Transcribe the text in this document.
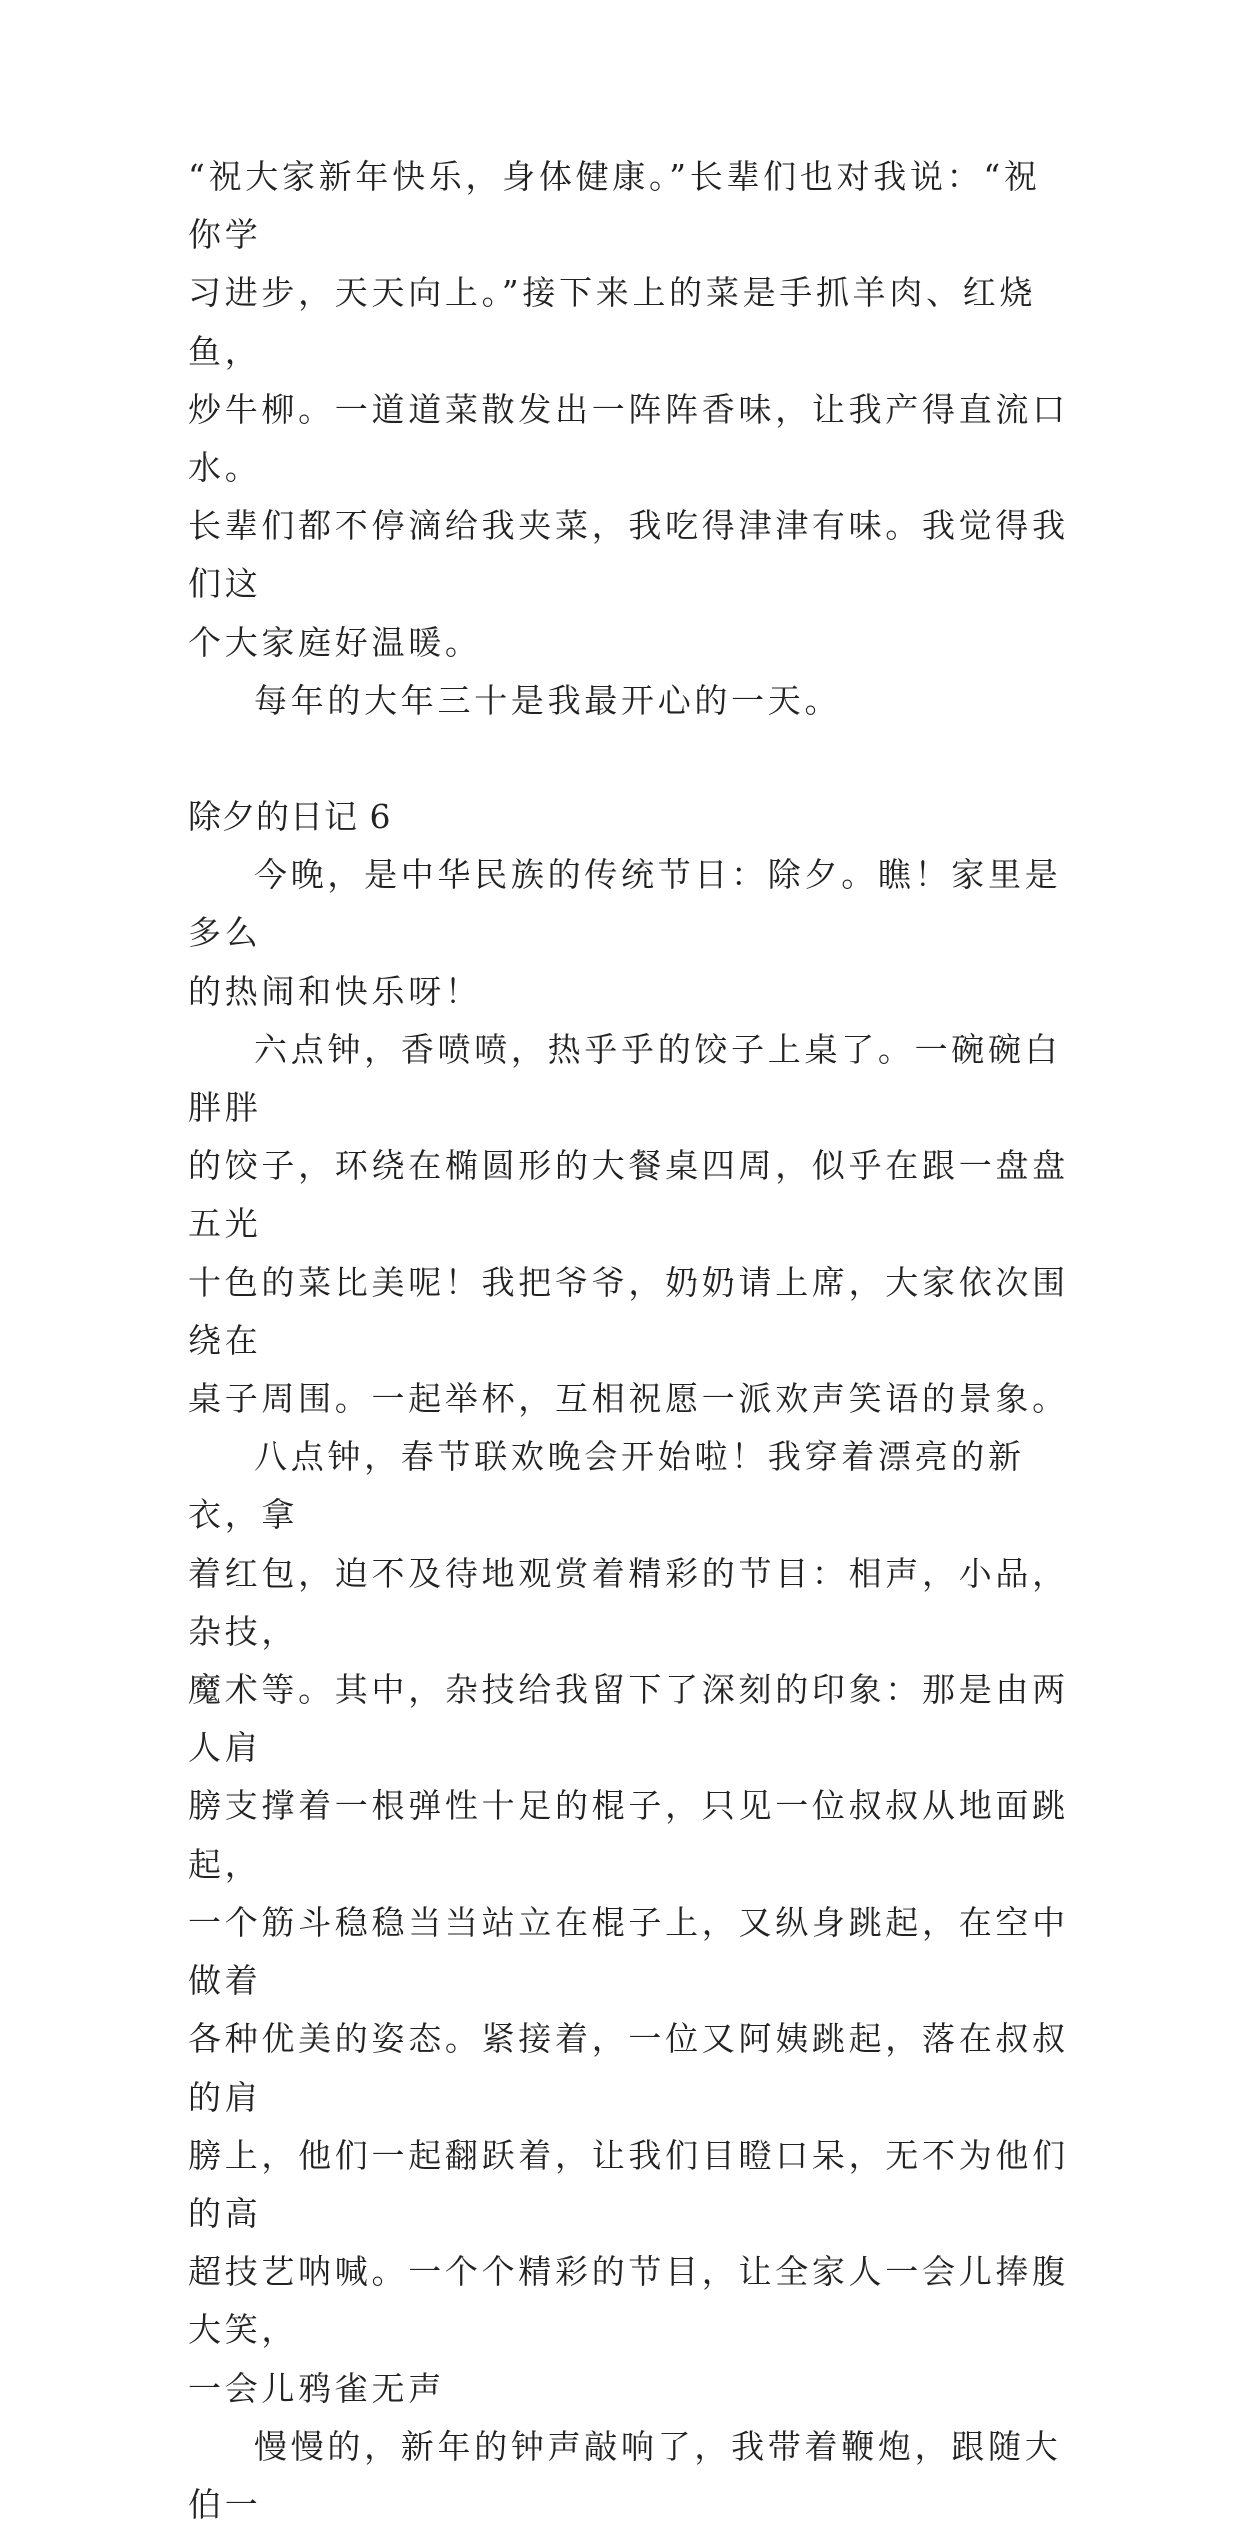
“祝大家新年快乐，身体健康。”长辈们也对我说：“祝你学
习进步，天天向上。”接下来上的菜是手抓羊肉、红烧鱼，
炒牛柳。一道道菜散发出一阵阵香味，让我产得直流口水。
长辈们都不停滴给我夹菜，我吃得津津有味。我觉得我们这
个大家庭好温暖。

每年的大年三十是我最开心的一天。

除夕的日记 6

今晚，是中华民族的传统节日：除夕。瞧！家里是多么
的热闹和快乐呀！

六点钟，香喷喷，热乎乎的饺子上桌了。一碗碗白胖胖
的饺子，环绕在椭圆形的大餐桌四周，似乎在跟一盘盘五光
十色的菜比美呢！我把爷爷，奶奶请上席，大家依次围绕在
桌子周围。一起举杯，互相祝愿一派欢声笑语的景象。

八点钟，春节联欢晚会开始啦！我穿着漂亮的新衣，拿
着红包，迫不及待地观赏着精彩的节目：相声，小品，杂技，
魔术等。其中，杂技给我留下了深刻的印象：那是由两人肩
膀支撑着一根弹性十足的棍子，只见一位叔叔从地面跳起，
一个筋斗稳稳当当站立在棍子上，又纵身跳起，在空中做着
各种优美的姿态。紧接着，一位又阿姨跳起，落在叔叔的肩
膀上，他们一起翻跃着，让我们目瞪口呆，无不为他们的高
超技艺呐喊。一个个精彩的节目，让全家人一会儿捧腹大笑，
一会儿鸦雀无声

慢慢的，新年的钟声敲响了，我带着鞭炮，跟随大伯一
